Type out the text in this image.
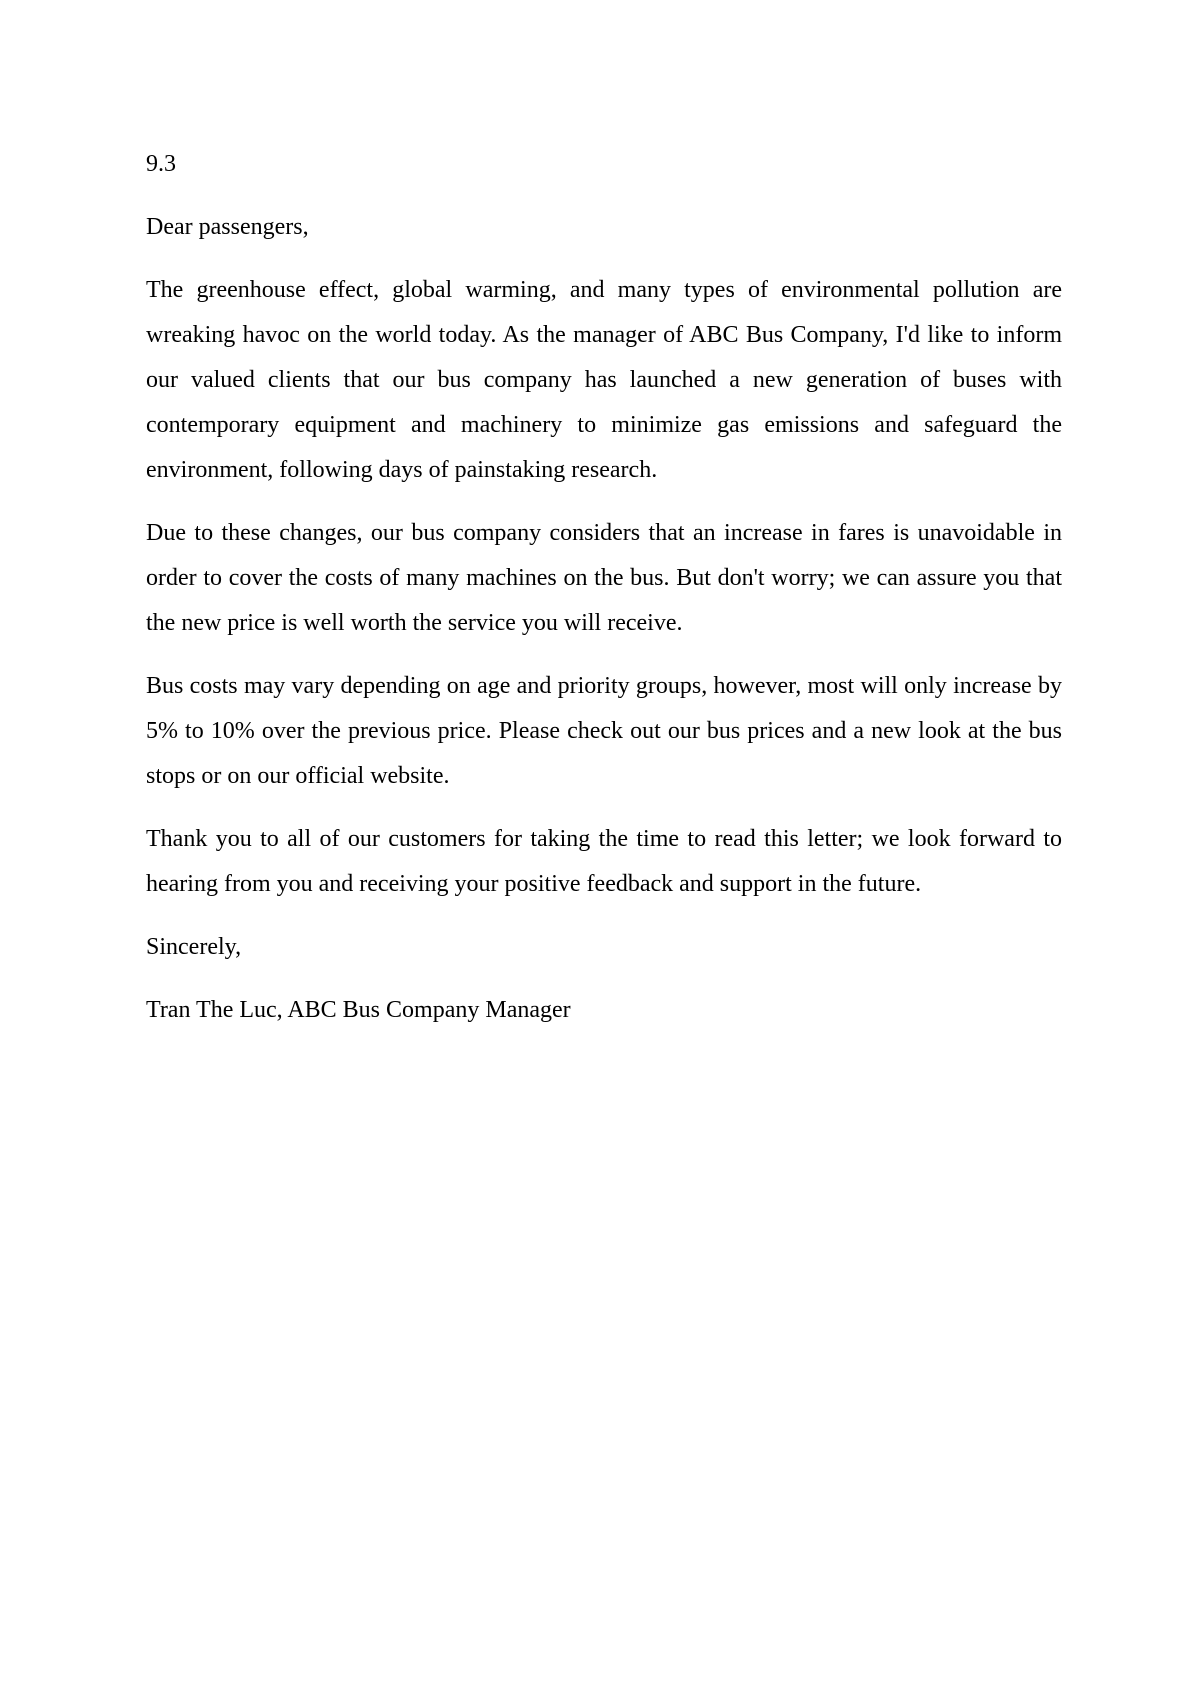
9.3

Dear passengers,

The greenhouse effect, global warming, and many types of environmental pollution are wreaking havoc on the world today. As the manager of ABC Bus Company, I'd like to inform our valued clients that our bus company has launched a new generation of buses with contemporary equipment and machinery to minimize gas emissions and safeguard the environment, following days of painstaking research.

Due to these changes, our bus company considers that an increase in fares is unavoidable in order to cover the costs of many machines on the bus. But don't worry; we can assure you that the new price is well worth the service you will receive.

Bus costs may vary depending on age and priority groups, however, most will only increase by 5% to 10% over the previous price. Please check out our bus prices and a new look at the bus stops or on our official website.

Thank you to all of our customers for taking the time to read this letter; we look forward to hearing from you and receiving your positive feedback and support in the future.

Sincerely,

Tran The Luc, ABC Bus Company Manager
